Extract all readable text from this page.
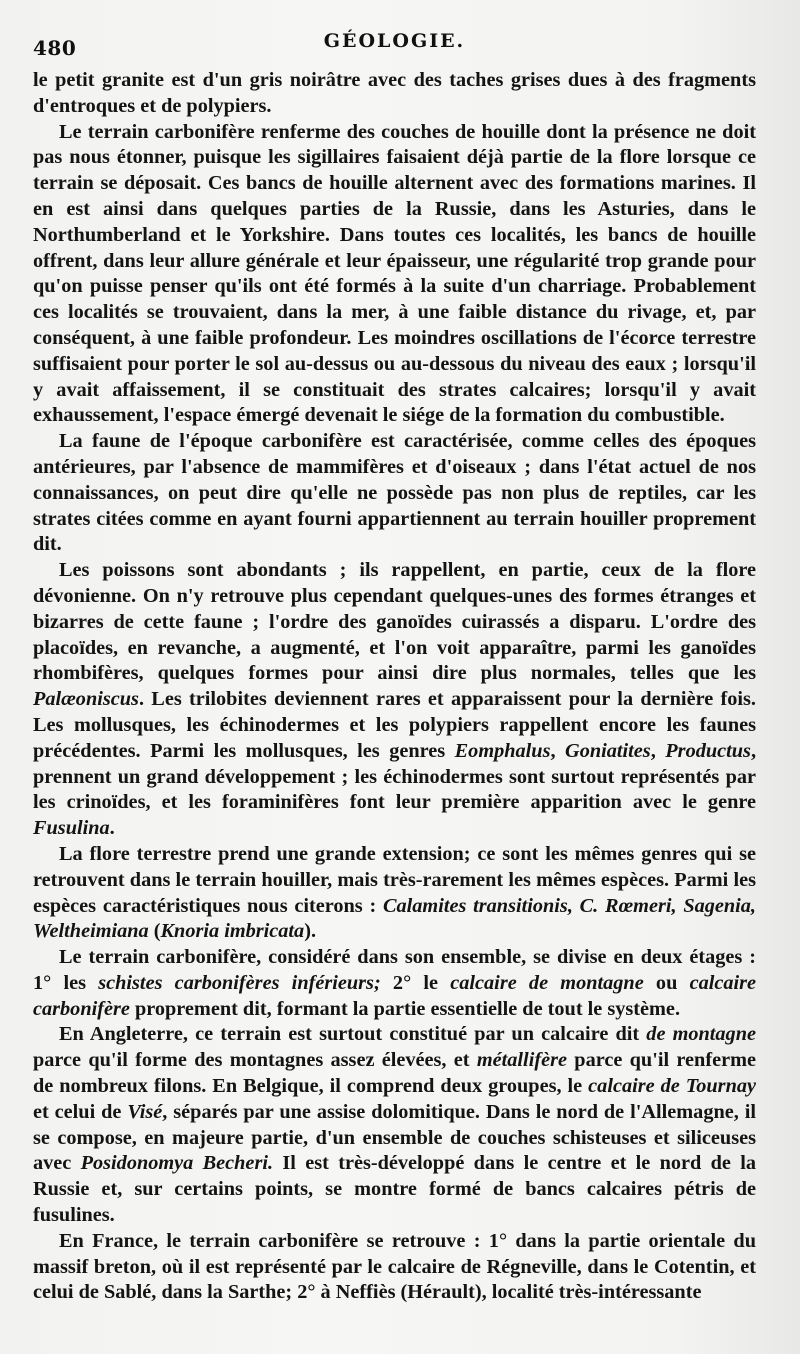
480	GÉOLOGIE.

le petit granite est d'un gris noirâtre avec des taches grises dues à des fragments d'entroques et de polypiers.

Le terrain carbonifère renferme des couches de houille dont la présence ne doit pas nous étonner, puisque les sigillaires faisaient déjà partie de la flore lorsque ce terrain se déposait. Ces bancs de houille alternent avec des formations marines. Il en est ainsi dans quelques parties de la Russie, dans les Asturies, dans le Northumberland et le Yorkshire. Dans toutes ces localités, les bancs de houille offrent, dans leur allure générale et leur épaisseur, une régularité trop grande pour qu'on puisse penser qu'ils ont été formés à la suite d'un charriage. Probablement ces localités se trouvaient, dans la mer, à une faible distance du rivage, et, par conséquent, à une faible profondeur. Les moindres oscillations de l'écorce terrestre suffisaient pour porter le sol au-dessus ou au-dessous du niveau des eaux ; lorsqu'il y avait affaissement, il se constituait des strates calcaires; lorsqu'il y avait exhaussement, l'espace émergé devenait le siége de la formation du combustible.

La faune de l'époque carbonifère est caractérisée, comme celles des époques antérieures, par l'absence de mammifères et d'oiseaux ; dans l'état actuel de nos connaissances, on peut dire qu'elle ne possède pas non plus de reptiles, car les strates citées comme en ayant fourni appartiennent au terrain houiller proprement dit.

Les poissons sont abondants ; ils rappellent, en partie, ceux de la flore dévonienne. On n'y retrouve plus cependant quelques-unes des formes étranges et bizarres de cette faune ; l'ordre des ganoïdes cuirassés a disparu. L'ordre des placoïdes, en revanche, a augmenté, et l'on voit apparaître, parmi les ganoïdes rhombifères, quelques formes pour ainsi dire plus normales, telles que les Palæoniscus. Les trilobites deviennent rares et apparaissent pour la dernière fois. Les mollusques, les échinodermes et les polypiers rappellent encore les faunes précédentes. Parmi les mollusques, les genres Eomphalus, Goniatites, Productus, prennent un grand développement ; les échinodermes sont surtout représentés par les crinoïdes, et les foraminifères font leur première apparition avec le genre Fusulina.

La flore terrestre prend une grande extension; ce sont les mêmes genres qui se retrouvent dans le terrain houiller, mais très-rarement les mêmes espèces. Parmi les espèces caractéristiques nous citerons : Calamites transitionis, C. Rœmeri, Sagenia, Weltheimiana (Knoria imbricata).

Le terrain carbonifère, considéré dans son ensemble, se divise en deux étages : 1° les schistes carbonifères inférieurs; 2° le calcaire de montagne ou calcaire carbonifère proprement dit, formant la partie essentielle de tout le système.

En Angleterre, ce terrain est surtout constitué par un calcaire dit de montagne parce qu'il forme des montagnes assez élevées, et métallifère parce qu'il renferme de nombreux filons. En Belgique, il comprend deux groupes, le calcaire de Tournay et celui de Visé, séparés par une assise dolomitique. Dans le nord de l'Allemagne, il se compose, en majeure partie, d'un ensemble de couches schisteuses et siliceuses avec Posidonomya Becheri. Il est très-développé dans le centre et le nord de la Russie et, sur certains points, se montre formé de bancs calcaires pétris de fusulines.

En France, le terrain carbonifère se retrouve : 1° dans la partie orientale du massif breton, où il est représenté par le calcaire de Régneville, dans le Cotentin, et celui de Sablé, dans la Sarthe; 2° à Neffiès (Hérault), localité très-intéressante
